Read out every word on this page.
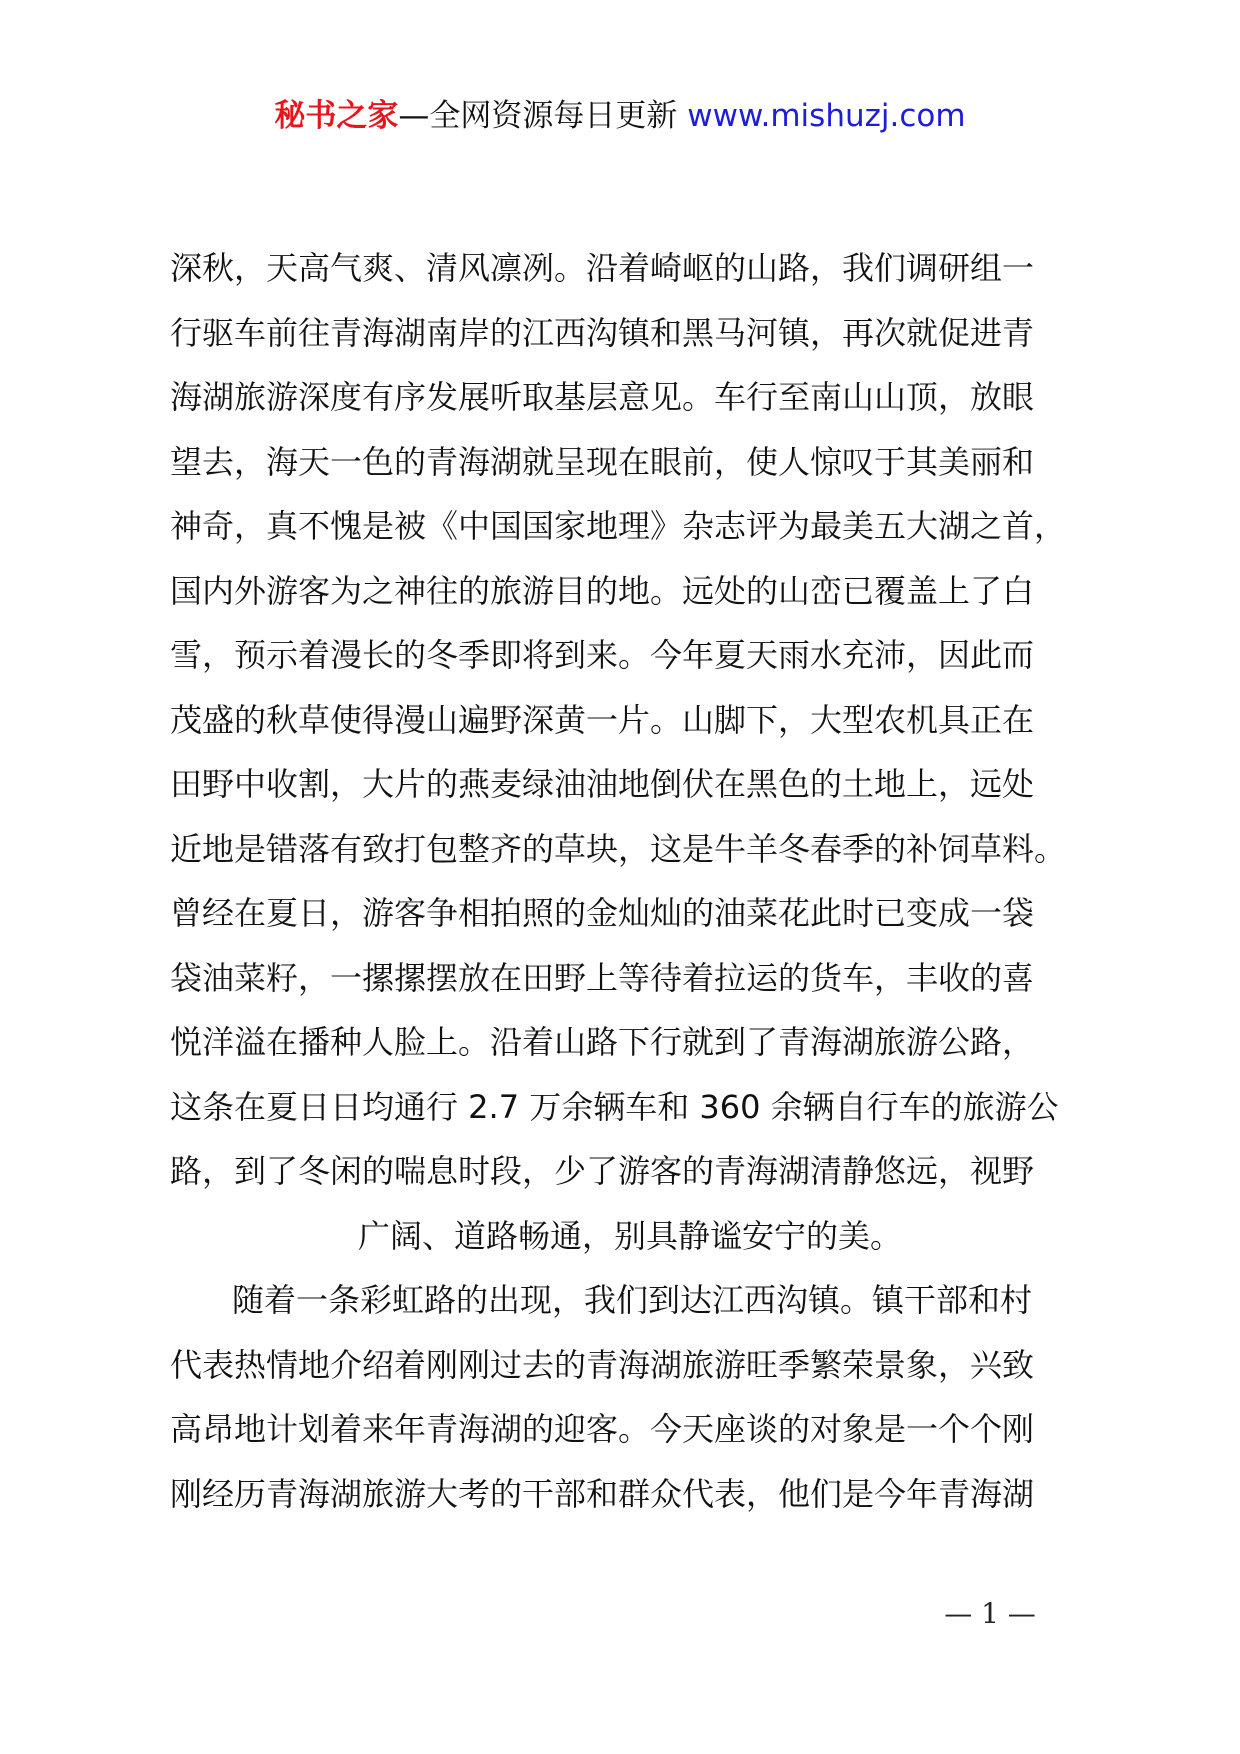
秘书之家—全网资源每日更新 www.mishuzj.com
深秋，天高气爽、清风凛冽。沿着崎岖的山路，我们调研组一
行驱车前往青海湖南岸的江西沟镇和黑马河镇，再次就促进青
海湖旅游深度有序发展听取基层意见。车行至南山山顶，放眼
望去，海天一色的青海湖就呈现在眼前，使人惊叹于其美丽和
神奇，真不愧是被《中国国家地理》杂志评为最美五大湖之首，
国内外游客为之神往的旅游目的地。远处的山峦已覆盖上了白
雪，预示着漫长的冬季即将到来。今年夏天雨水充沛，因此而
茂盛的秋草使得漫山遍野深黄一片。山脚下，大型农机具正在
田野中收割，大片的燕麦绿油油地倒伏在黑色的土地上，远处
近地是错落有致打包整齐的草块，这是牛羊冬春季的补饲草料。
曾经在夏日，游客争相拍照的金灿灿的油菜花此时已变成一袋
袋油菜籽，一摞摞摆放在田野上等待着拉运的货车，丰收的喜
悦洋溢在播种人脸上。沿着山路下行就到了青海湖旅游公路，
这条在夏日日均通行 2.7 万余辆车和 360 余辆自行车的旅游公
路，到了冬闲的喘息时段，少了游客的青海湖清静悠远，视野
广阔、道路畅通，别具静谧安宁的美。
随着一条彩虹路的出现，我们到达江西沟镇。镇干部和村
代表热情地介绍着刚刚过去的青海湖旅游旺季繁荣景象，兴致
高昂地计划着来年青海湖的迎客。今天座谈的对象是一个个刚
刚经历青海湖旅游大考的干部和群众代表，他们是今年青海湖
— 1 —
